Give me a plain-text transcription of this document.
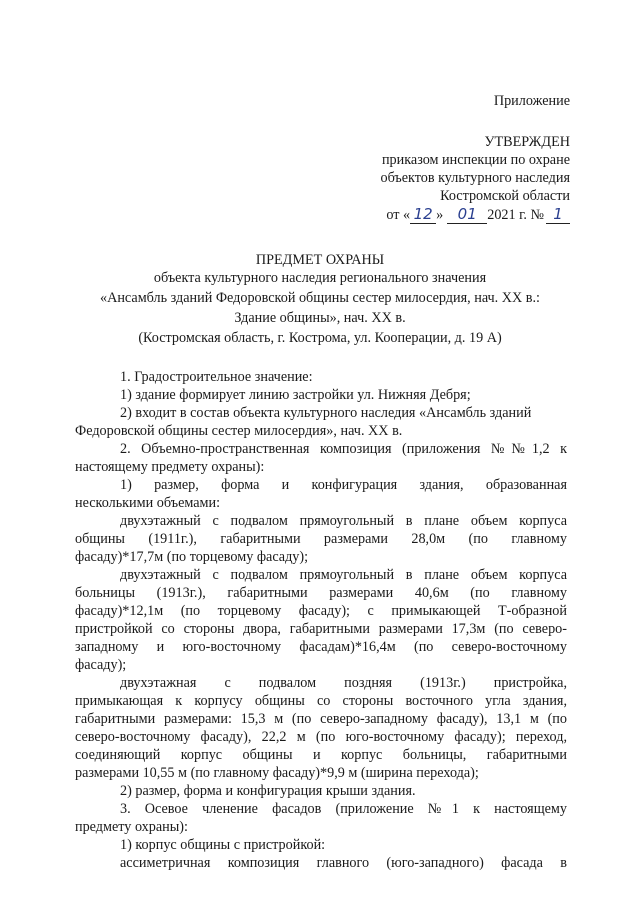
Приложение
УТВЕРЖДЕН
приказом инспекции по охране
объектов культурного наследия
Костромской области
от « 12 » 01 2021 г. № 1
ПРЕДМЕТ ОХРАНЫ
объекта культурного наследия регионального значения
«Ансамбль зданий Федоровской общины сестер милосердия, нач. XX в.:
Здание общины», нач. XX в.
(Костромская область, г. Кострома, ул. Кооперации, д. 19 А)
1. Градостроительное значение:
1) здание формирует линию застройки ул. Нижняя Дебря;
2) входит в состав объекта культурного наследия «Ансамбль зданий
Федоровской общины сестер милосердия», нач. XX в.
2. Объемно-пространственная композиция (приложения №№1,2 к
настоящему предмету охраны):
1) размер, форма и конфигурация здания, образованная
несколькими объемами:
двухэтажный с подвалом прямоугольный в плане объем корпуса
общины (1911г.), габаритными размерами 28,0м (по главному
фасаду)*17,7м (по торцевому фасаду);
двухэтажный с подвалом прямоугольный в плане объем корпуса
больницы (1913г.), габаритными размерами 40,6м (по главному
фасаду)*12,1м (по торцевому фасаду); с примыкающей Т-образной
пристройкой со стороны двора, габаритными размерами 17,3м (по северо-
западному и юго-восточному фасадам)*16,4м (по северо-восточному
фасаду);
двухэтажная с подвалом поздняя (1913г.) пристройка,
примыкающая к корпусу общины со стороны восточного угла здания,
габаритными размерами: 15,3 м (по северо-западному фасаду), 13,1 м (по
северо-восточному фасаду), 22,2 м (по юго-восточному фасаду); переход,
соединяющий корпус общины и корпус больницы, габаритными
размерами 10,55 м (по главному фасаду)*9,9 м (ширина перехода);
2) размер, форма и конфигурация крыши здания.
3. Осевое членение фасадов (приложение №1 к настоящему
предмету охраны):
1) корпус общины с пристройкой:
ассиметричная композиция главного (юго-западного) фасада в
